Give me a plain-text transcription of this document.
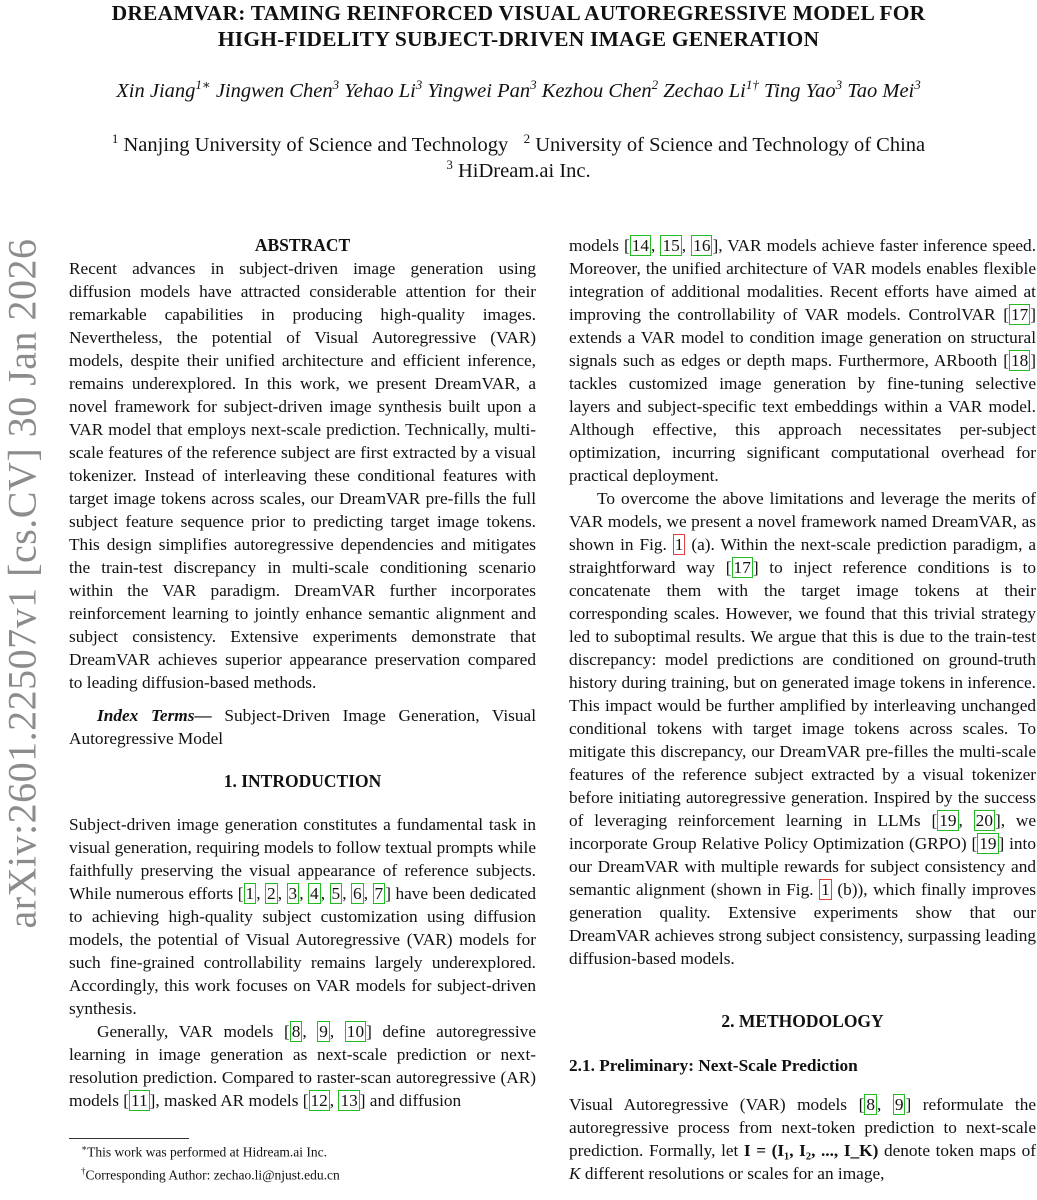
arXiv:2601.22507v1 [cs.CV] 30 Jan 2026
DREAMVAR: TAMING REINFORCED VISUAL AUTOREGRESSIVE MODEL FOR
HIGH-FIDELITY SUBJECT-DRIVEN IMAGE GENERATION
Xin Jiang$^{1∗}$ Jingwen Chen$^3$ Yehao Li$^3$ Yingwei Pan$^3$ Kezhou Chen$^2$ Zechao $Li^{1\dagger}$ Ting Yao$^3$ Tao Mei$^3$
$^1$ Nanjing University of Science and Technology $^2$ University of Science and Technology of China
$^3$ HiDream.ai Inc.
ABSTRACT

Recent advances in subject-driven image generation using diffusion models have attracted considerable attention for their remarkable capabilities in producing high-quality images. Nevertheless, the potential of Visual Autoregressive (VAR) models, despite their unified architecture and efficient inference, remains underexplored. In this work, we present DreamVAR, a novel framework for subject-driven image synthesis built upon a VAR model that employs next-scale prediction. Technically, multi-scale features of the reference subject are first extracted by a visual tokenizer. Instead of interleaving these conditional features with target image tokens across scales, our DreamVAR pre-fills the full subject feature sequence prior to predicting target image tokens. This design simplifies autoregressive dependencies and mitigates the train-test discrepancy in multi-scale conditioning scenario within the VAR paradigm. DreamVAR further incorporates reinforcement learning to jointly enhance semantic alignment and subject consistency. Extensive experiments demonstrate that DreamVAR achieves superior appearance preservation compared to leading diffusion-based methods.

Index Terms— Subject-Driven Image Generation, Visual Autoregressive Model

1. INTRODUCTION

Subject-driven image generation constitutes a fundamental task in visual generation, requiring models to follow textual prompts while faithfully preserving the visual appearance of reference subjects. While numerous efforts [ 1 , 2 , 3 , 4 , 5 , 6 , 7 ] have been dedicated to achieving high-quality subject customization using diffusion models, the potential of Visual Autoregressive (VAR) models for such fine-grained controllability remains largely underexplored. Accordingly, this work focuses on VAR models for subject-driven synthesis.

Generally, VAR models [ 8 , 9 , 10 ] define autoregressive learning in image generation as next-scale prediction or next-resolution prediction. Compared to raster-scan autoregressive (AR) models [ 11 ], masked AR models [ 12 , 13 ] and diffusion

∗This work was performed at Hidream.ai Inc.
†Corresponding Author: zechao.li@njust.edu.cn

models [ 14 , 15 , 16 ], VAR models achieve faster inference speed. Moreover, the unified architecture of VAR models enables flexible integration of additional modalities. Recent efforts have aimed at improving the controllability of VAR models. ControlVAR [ 17 ] extends a VAR model to condition image generation on structural signals such as edges or depth maps. Furthermore, ARbooth [ 18 ] tackles customized image generation by fine-tuning selective layers and subject-specific text embeddings within a VAR model. Although effective, this approach necessitates per-subject optimization, incurring significant computational overhead for practical deployment.

To overcome the above limitations and leverage the merits of VAR models, we present a novel framework named DreamVAR, as shown in Fig. 1 (a). Within the next-scale prediction paradigm, a straightforward way [ 17 ] to inject reference conditions is to concatenate them with the target image tokens at their corresponding scales. However, we found that this trivial strategy led to suboptimal results. We argue that this is due to the train-test discrepancy: model predictions are conditioned on ground-truth history during training, but on generated image tokens in inference. This impact would be further amplified by interleaving unchanged conditional tokens with target image tokens across scales. To mitigate this discrepancy, our DreamVAR pre-filles the multi-scale features of the reference subject extracted by a visual tokenizer before initiating autoregressive generation. Inspired by the success of leveraging reinforcement learning in LLMs [ 19 , 20 ], we incorporate Group Relative Policy Optimization (GRPO) [ 19 ] into our DreamVAR with multiple rewards for subject consistency and semantic alignment (shown in Fig. 1 (b)), which finally improves generation quality. Extensive experiments show that our DreamVAR achieves strong subject consistency, surpassing leading diffusion-based models.

2. METHODOLOGY
2.1. Preliminary: Next-Scale Prediction

Visual Autoregressive (VAR) models [ 8 , 9 ] reformulate the autoregressive process from next-token prediction to next-scale prediction. Formally, let I = (I₁, I₂, ..., I_K) denote token maps of K different resolutions or scales for an image,
